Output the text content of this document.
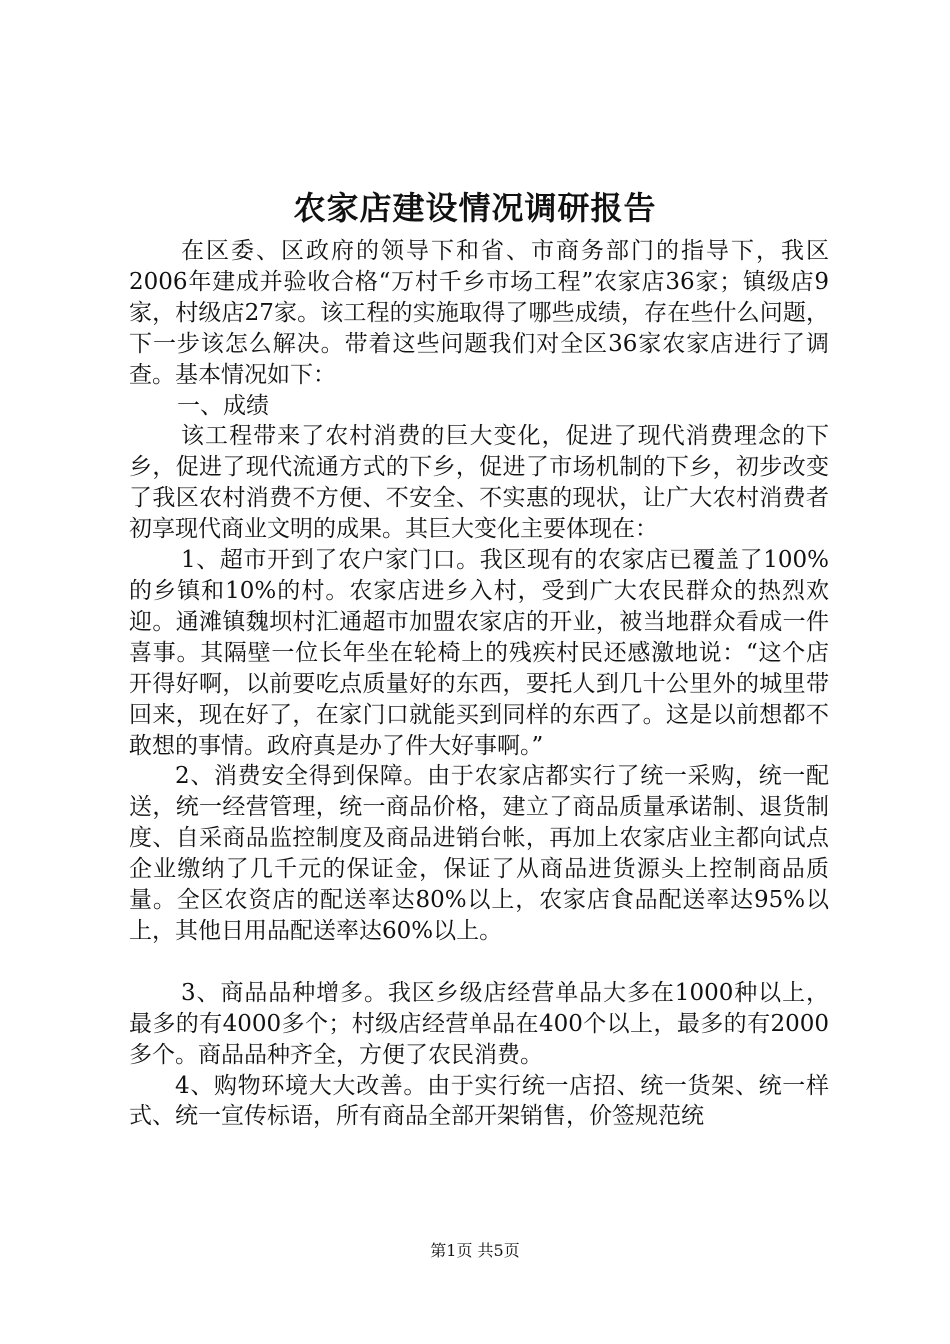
农家店建设情况调研报告

在区委、区政府的领导下和省、市商务部门的指导下，我区2006年建成并验收合格“万村千乡市场工程”农家店36家；镇级店9家，村级店27家。该工程的实施取得了哪些成绩，存在些什么问题，下一步该怎么解决。带着这些问题我们对全区36家农家店进行了调查。基本情况如下：

一、成绩

该工程带来了农村消费的巨大变化，促进了现代消费理念的下乡，促进了现代流通方式的下乡，促进了市场机制的下乡，初步改变了我区农村消费不方便、不安全、不实惠的现状，让广大农村消费者初享现代商业文明的成果。其巨大变化主要体现在：

1、超市开到了农户家门口。我区现有的农家店已覆盖了100%的乡镇和10%的村。农家店进乡入村，受到广大农民群众的热烈欢迎。通滩镇魏坝村汇通超市加盟农家店的开业，被当地群众看成一件喜事。其隔壁一位长年坐在轮椅上的残疾村民还感激地说：“这个店开得好啊，以前要吃点质量好的东西，要托人到几十公里外的城里带回来，现在好了，在家门口就能买到同样的东西了。这是以前想都不敢想的事情。政府真是办了件大好事啊。”

2、消费安全得到保障。由于农家店都实行了统一采购，统一配送，统一经营管理，统一商品价格，建立了商品质量承诺制、退货制度、自采商品监控制度及商品进销台帐，再加上农家店业主都向试点企业缴纳了几千元的保证金，保证了从商品进货源头上控制商品质量。全区农资店的配送率达80%以上，农家店食品配送率达95%以上，其他日用品配送率达60%以上。

3、商品品种增多。我区乡级店经营单品大多在1000种以上，最多的有4000多个；村级店经营单品在400个以上，最多的有2000多个。商品品种齐全，方便了农民消费。

4、购物环境大大改善。由于实行统一店招、统一货架、统一样式、统一宣传标语，所有商品全部开架销售，价签规范统

第1页 共5页
